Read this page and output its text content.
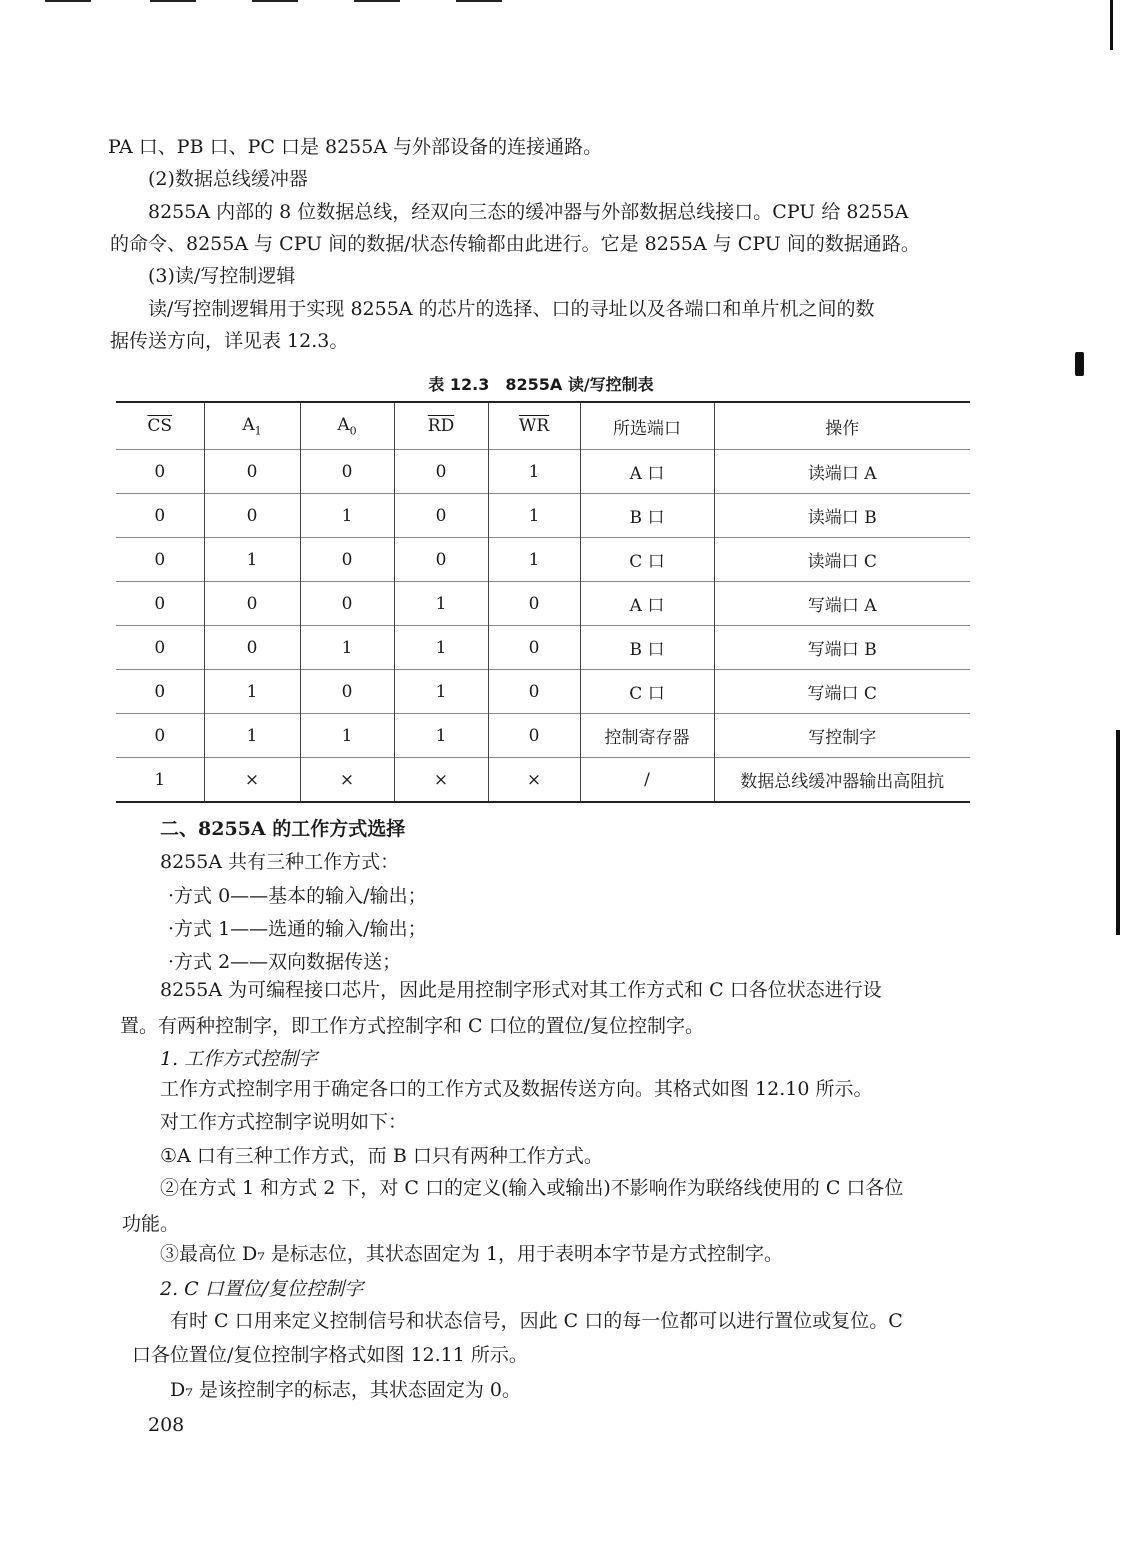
PA 口、PB 口、PC 口是 8255A 与外部设备的连接通路。

(2)数据总线缓冲器

8255A 内部的 8 位数据总线，经双向三态的缓冲器与外部数据总线接口。CPU 给 8255A

的命令、8255A 与 CPU 间的数据/状态传输都由此进行。它是 8255A 与 CPU 间的数据通路。

(3)读/写控制逻辑

读/写控制逻辑用于实现 8255A 的芯片的选择、口的寻址以及各端口和单片机之间的数

据传送方向，详见表 12.3。

表 12.3　8255A 读/写控制表
$\overline{CS}$	$A_1$	$A_0$	$\overline{RD}$	$\overline{WR}$	所选端口	操作
0	0	0	0	1	A 口	读端口 A
0	0	1	0	1	B 口	读端口 B
0	1	0	0	1	C 口	读端口 C
0	0	0	1	0	A 口	写端口 A
0	0	1	1	0	B 口	写端口 B
0	1	0	1	0	C 口	写端口 C
0	1	1	1	0	控制寄存器	写控制字
1	×	×	×	×	/	数据总线缓冲器输出高阻抗

二、8255A 的工作方式选择

8255A 共有三种工作方式：

·方式 0——基本的输入/输出；

·方式 1——选通的输入/输出；

·方式 2——双向数据传送；

8255A 为可编程接口芯片，因此是用控制字形式对其工作方式和 C 口各位状态进行设

置。有两种控制字，即工作方式控制字和 C 口位的置位/复位控制字。

1. 工作方式控制字

工作方式控制字用于确定各口的工作方式及数据传送方向。其格式如图 12.10 所示。

对工作方式控制字说明如下：

①A 口有三种工作方式，而 B 口只有两种工作方式。

②在方式 1 和方式 2 下，对 C 口的定义(输入或输出)不影响作为联络线使用的 C 口各位

功能。

③最高位 D₇ 是标志位，其状态固定为 1，用于表明本字节是方式控制字。

2. C 口置位/复位控制字

有时 C 口用来定义控制信号和状态信号，因此 C 口的每一位都可以进行置位或复位。C

口各位置位/复位控制字格式如图 12.11 所示。

D₇ 是该控制字的标志，其状态固定为 0。

208
